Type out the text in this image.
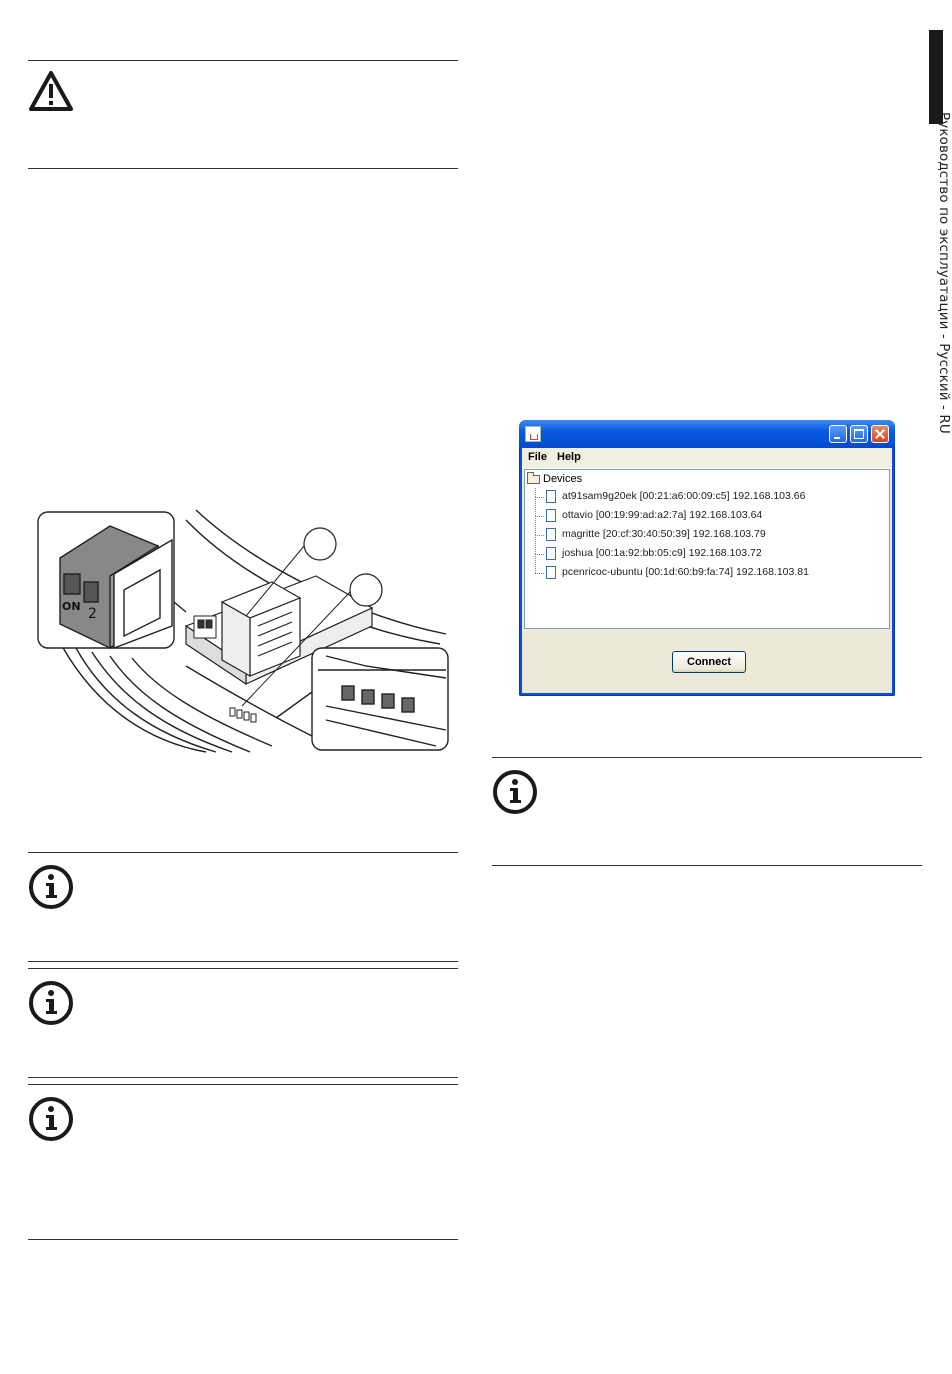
Руководство по эксплуатации - Русский - RU
ON 2
File Help
Devices
at91sam9g20ek [00:21:a6:00:09:c5] 192.168.103.66
ottavio [00:19:99:ad:a2:7a] 192.168.103.64
magritte [20:cf:30:40:50:39] 192.168.103.79
joshua [00:1a:92:bb:05:c9] 192.168.103.72
pcenricoc-ubuntu [00:1d:60:b9:fa:74] 192.168.103.81
Connect
